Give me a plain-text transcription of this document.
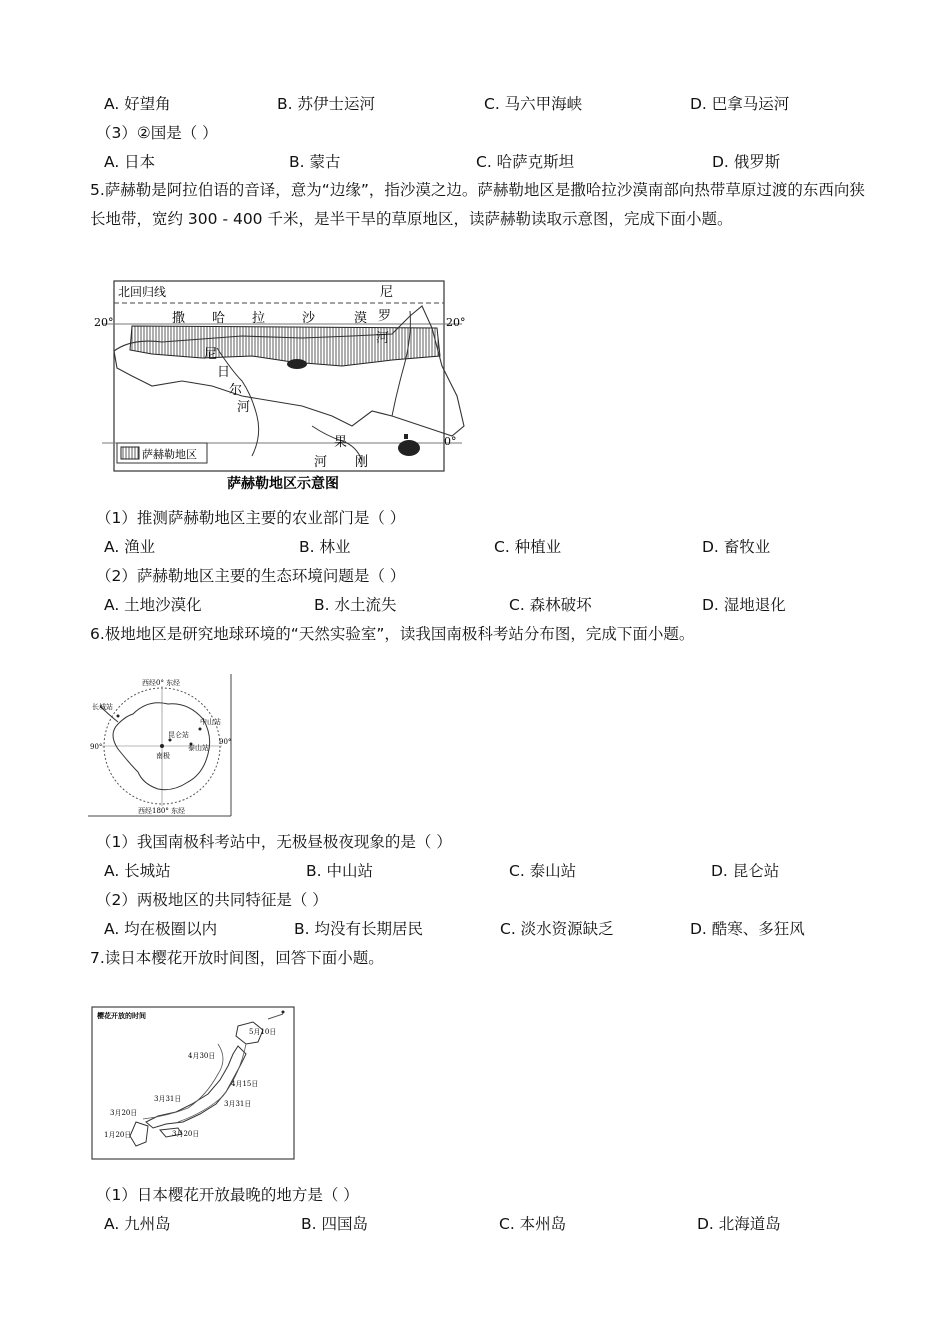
A. 好望角	B. 苏伊士运河	C. 马六甲海峡	D. 巴拿马运河
（3）②国是（ ）
A. 日本	B. 蒙古	C. 哈萨克斯坦	D. 俄罗斯
5.萨赫勒是阿拉伯语的音译，意为“边缘”，指沙漠之边。萨赫勒地区是撒哈拉沙漠南部向热带草原过渡的东西向狭长地带，宽约 300 - 400 千米，是半干旱的草原地区，读萨赫勒读取示意图，完成下面小题。
萨赫勒地区
北回归线
20°	20°
0°
撒 哈 拉	沙	漠
尼
日
尔
河
尼
罗
河
刚
果
河
萨赫勒地区示意图
（1）推测萨赫勒地区主要的农业部门是（ ）
A. 渔业	B. 林业	C. 种植业	D. 畜牧业
（2）萨赫勒地区主要的生态环境问题是（ ）
A. 土地沙漠化	B. 水土流失	C. 森林破坏	D. 湿地退化
6.极地地区是研究地球环境的“天然实验室”，读我国南极科考站分布图，完成下面小题。
西经0° 东经
西经180° 东经
90°
90°
长城站
中山站
昆仑站
泰山站
南极
（1）我国南极科考站中，无极昼极夜现象的是（ ）
A. 长城站	B. 中山站	C. 泰山站	D. 昆仑站
（2）两极地区的共同特征是（ ）
A. 均在极圈以内	B. 均没有长期居民	C. 淡水资源缺乏	D. 酷寒、多狂风
7.读日本樱花开放时间图，回答下面小题。
樱花开放的时间
5月10日
4月30日
4月15日
3月31日
3月31日
3月20日
3月20日
1月20日
（1）日本樱花开放最晚的地方是（ ）
A. 九州岛	B. 四国岛	C. 本州岛	D. 北海道岛
